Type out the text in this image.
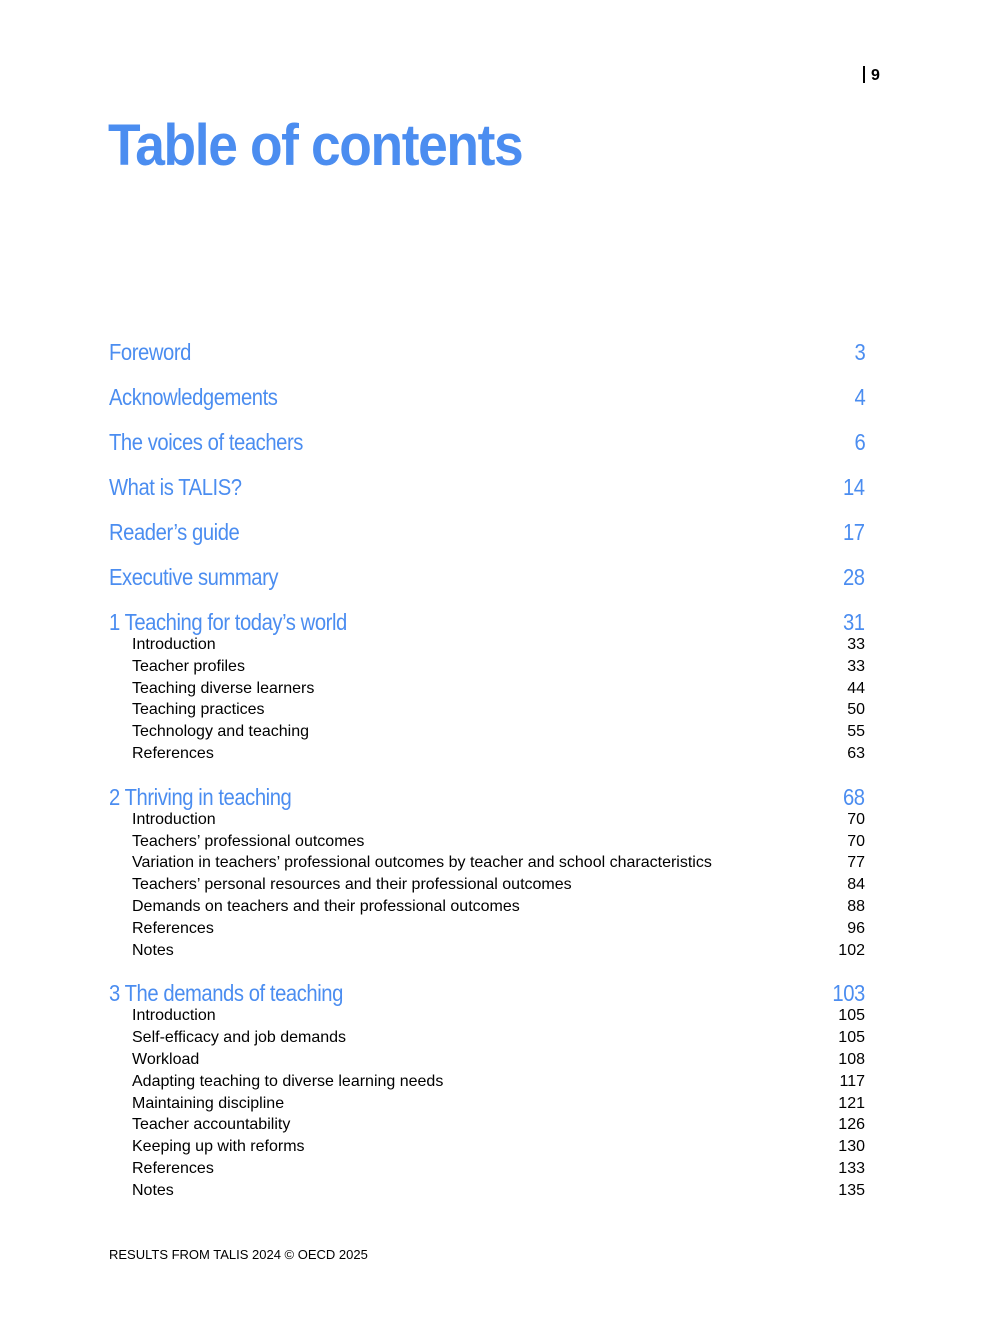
9
Table of contents
Foreword	3
Acknowledgements	4
The voices of teachers	6
What is TALIS?	14
Reader’s guide	17
Executive summary	28
1 Teaching for today’s world	31
Introduction	33
Teacher profiles	33
Teaching diverse learners	44
Teaching practices	50
Technology and teaching	55
References	63
2 Thriving in teaching	68
Introduction	70
Teachers’ professional outcomes	70
Variation in teachers’ professional outcomes by teacher and school characteristics	77
Teachers’ personal resources and their professional outcomes	84
Demands on teachers and their professional outcomes	88
References	96
Notes	102
3 The demands of teaching	103
Introduction	105
Self-efficacy and job demands	105
Workload	108
Adapting teaching to diverse learning needs	117
Maintaining discipline	121
Teacher accountability	126
Keeping up with reforms	130
References	133
Notes	135
RESULTS FROM TALIS 2024 © OECD 2025
